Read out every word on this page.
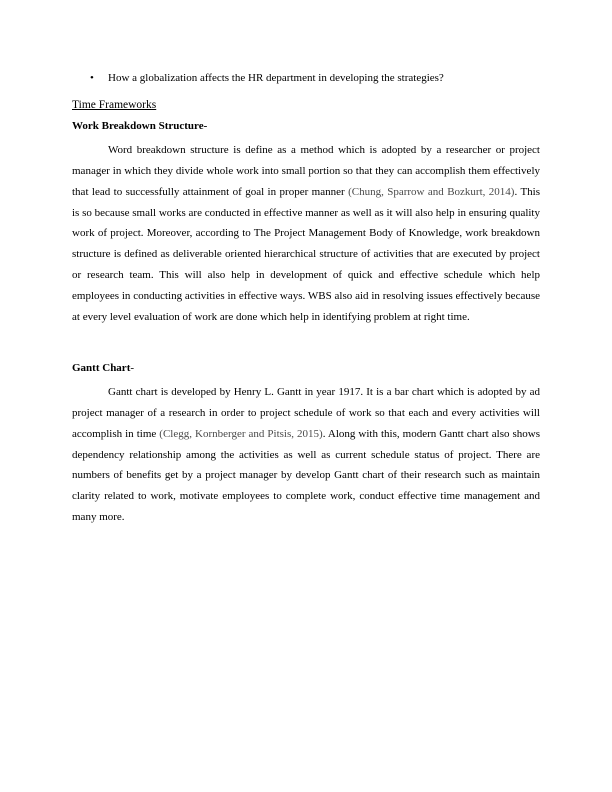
•	How a globalization affects the HR department in developing the strategies?
Time Frameworks
Work Breakdown Structure-

Word breakdown structure is define as a method which is adopted by a researcher or project manager in which they divide whole work into small portion so that they can accomplish them effectively that lead to successfully attainment of goal in proper manner (Chung, Sparrow and Bozkurt, 2014). This is so because small works are conducted in effective manner as well as it will also help in ensuring quality work of project. Moreover, according to The Project Management Body of Knowledge, work breakdown structure is defined as deliverable oriented hierarchical structure of activities that are executed by project or research team. This will also help in development of quick and effective schedule which help employees in conducting activities in effective ways. WBS also aid in resolving issues effectively because at every level evaluation of work are done which help in identifying problem at right time.

Gantt Chart-

Gantt chart is developed by Henry L. Gantt in year 1917. It is a bar chart which is adopted by ad project manager of a research in order to project schedule of work so that each and every activities will accomplish in time (Clegg, Kornberger and Pitsis, 2015). Along with this, modern Gantt chart also shows dependency relationship among the activities as well as current schedule status of project. There are numbers of benefits get by a project manager by develop Gantt chart of their research such as maintain clarity related to work, motivate employees to complete work, conduct effective time management and many more.
